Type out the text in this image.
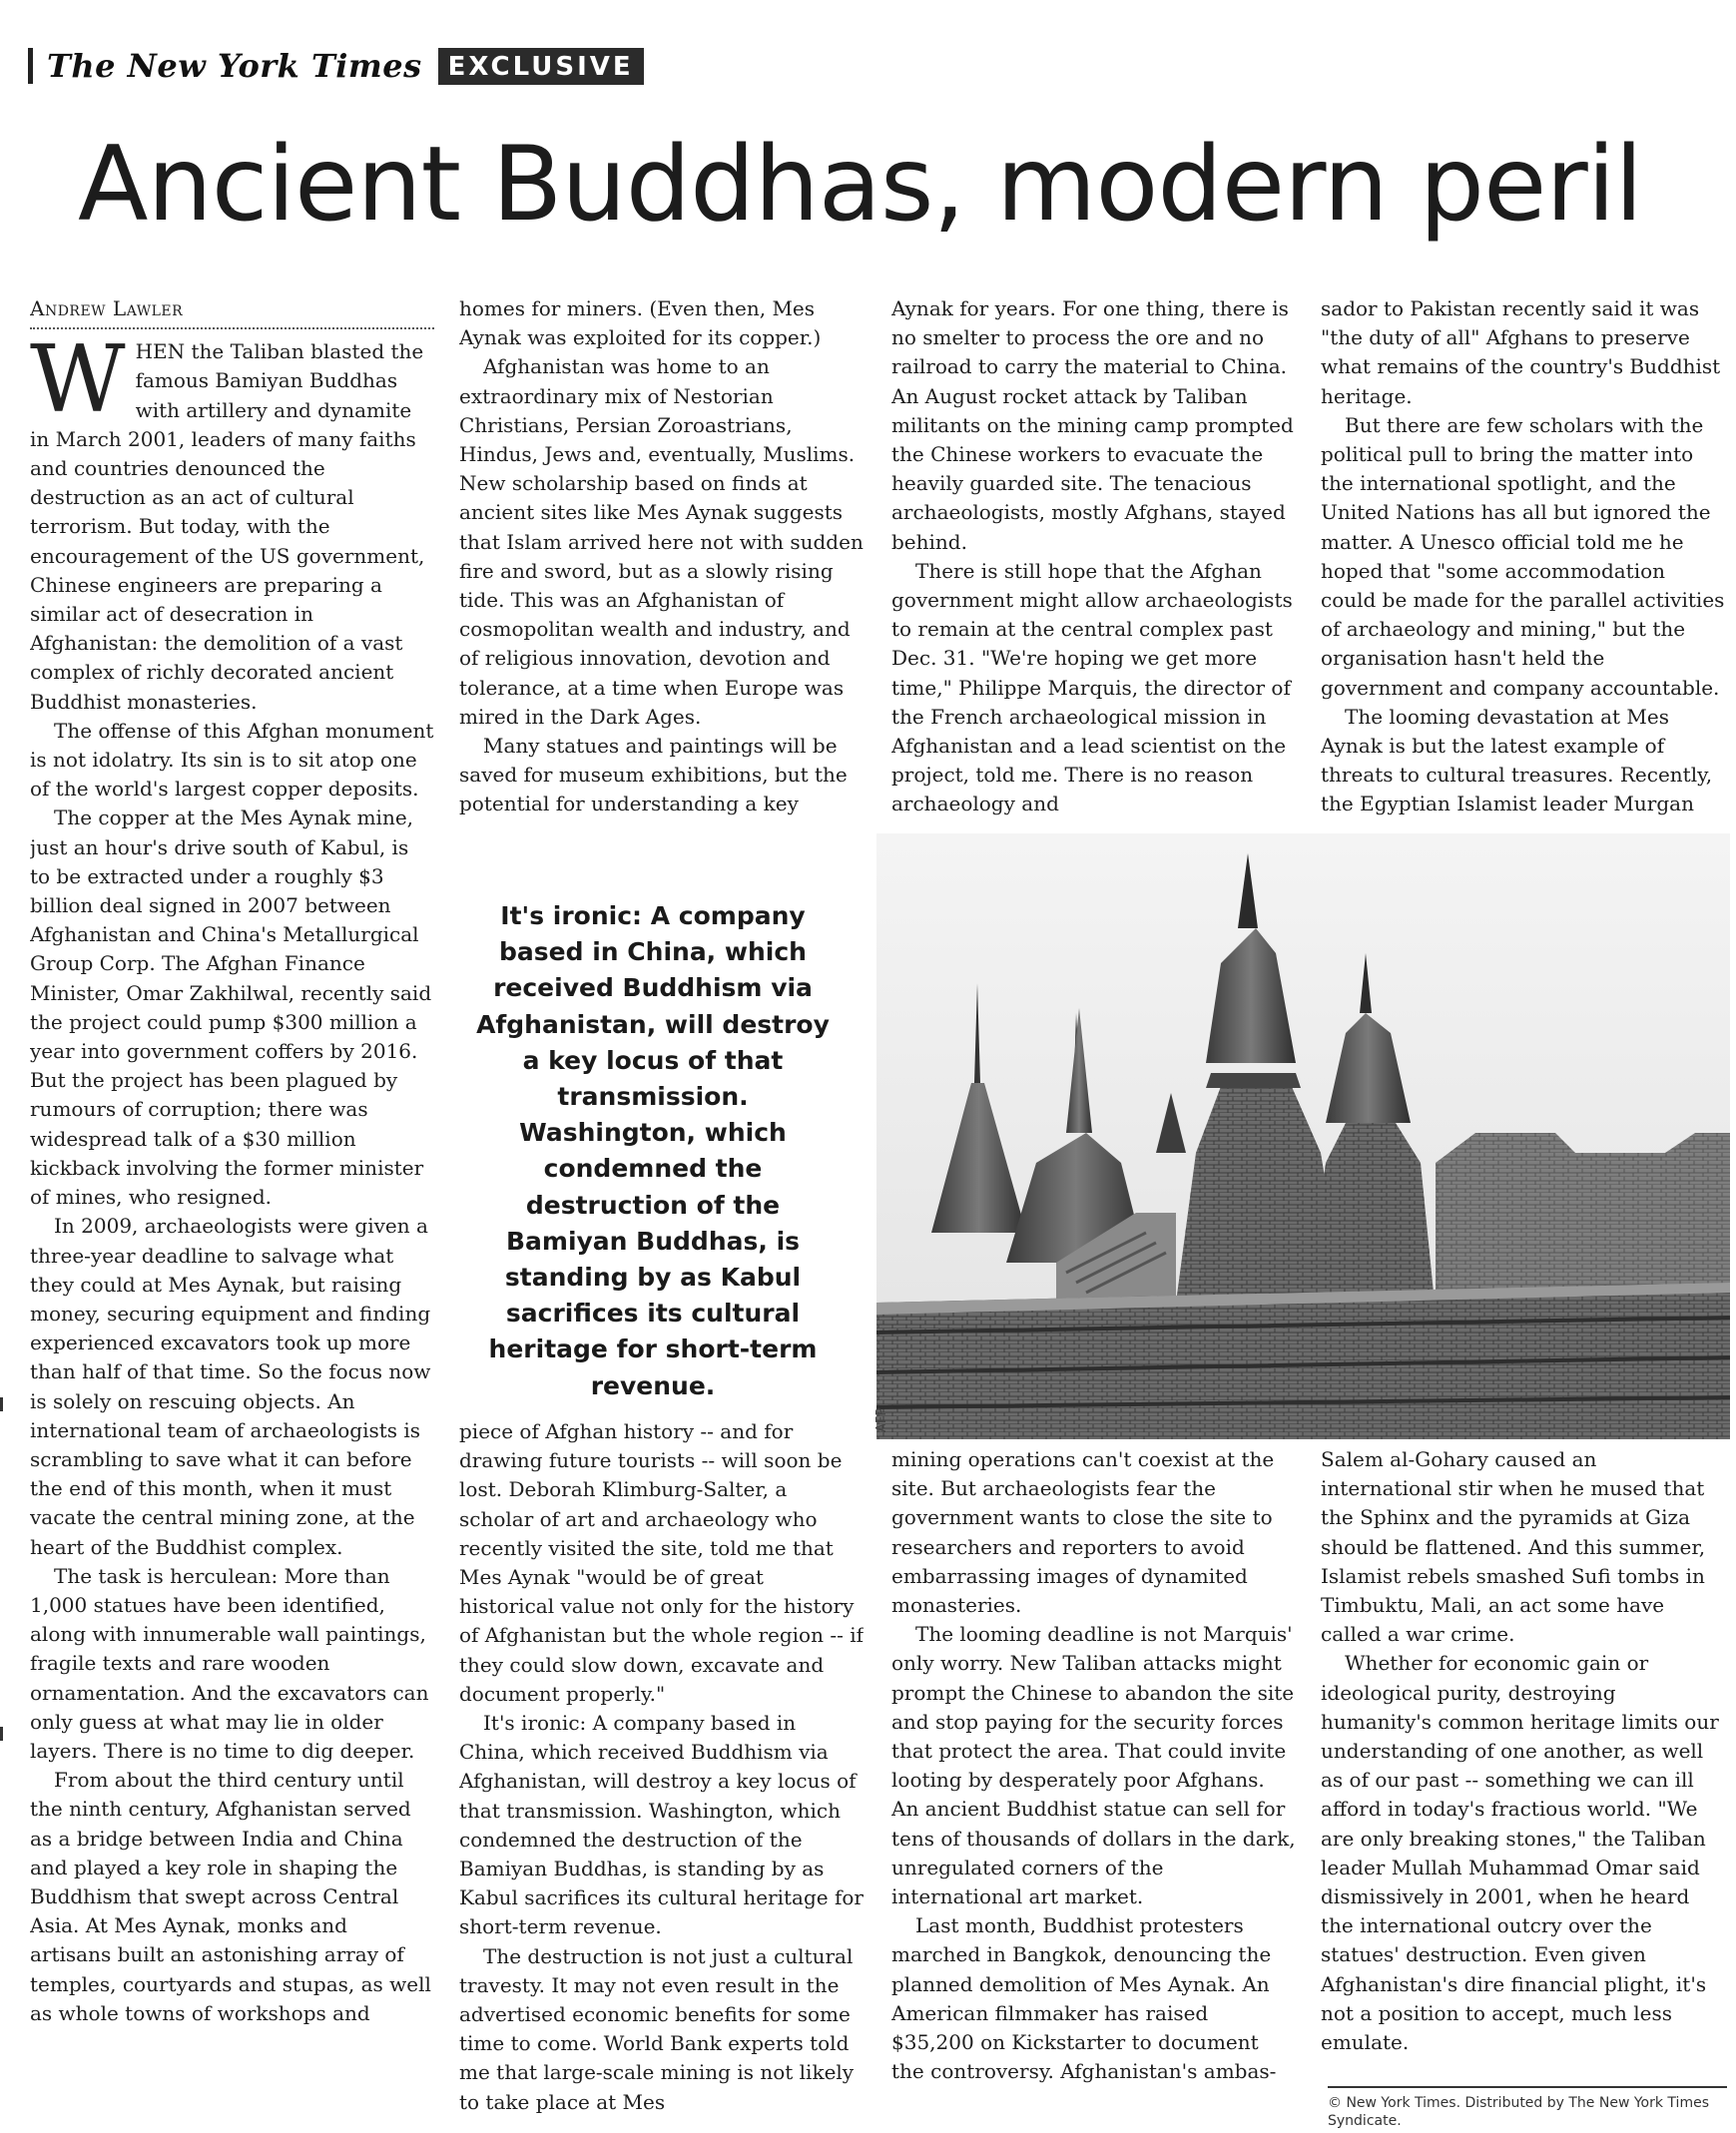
The New York Times	EXCLUSIVE
Ancient Buddhas, modern peril
Andrew Lawler

WHEN the Taliban blasted the famous Bamiyan Buddhas with artillery and dynamite in March 2001, leaders of many faiths and countries denounced the destruction as an act of cultural terrorism. But today, with the encouragement of the US government, Chinese engineers are preparing a similar act of desecration in Afghanistan: the demolition of a vast complex of richly decorated ancient Buddhist monasteries.

The offense of this Afghan monument is not idolatry. Its sin is to sit atop one of the world's largest copper deposits.

The copper at the Mes Aynak mine, just an hour's drive south of Kabul, is to be extracted under a roughly $3 billion deal signed in 2007 between Afghanistan and China's Metallurgical Group Corp. The Afghan Finance Minister, Omar Zakhilwal, recently said the project could pump $300 million a year into government coffers by 2016. But the project has been plagued by rumours of corruption; there was widespread talk of a $30 million kickback involving the former minister of mines, who resigned.

In 2009, archaeologists were given a three-year deadline to salvage what they could at Mes Aynak, but raising money, securing equipment and finding experienced excavators took up more than half of that time. So the focus now is solely on rescuing objects. An international team of archaeologists is scrambling to save what it can before the end of this month, when it must vacate the central mining zone, at the heart of the Buddhist complex.

The task is herculean: More than 1,000 statues have been identified, along with innumerable wall paintings, fragile texts and rare wooden ornamentation. And the excavators can only guess at what may lie in older layers. There is no time to dig deeper.

From about the third century until the ninth century, Afghanistan served as a bridge between India and China and played a key role in shaping the Buddhism that swept across Central Asia. At Mes Aynak, monks and artisans built an astonishing array of temples, courtyards and stupas, as well as whole towns of workshops and

homes for miners. (Even then, Mes Aynak was exploited for its copper.)

Afghanistan was home to an extraordinary mix of Nestorian Christians, Persian Zoroastrians, Hindus, Jews and, eventually, Muslims. New scholarship based on finds at ancient sites like Mes Aynak suggests that Islam arrived here not with sudden fire and sword, but as a slowly rising tide. This was an Afghanistan of cosmopolitan wealth and industry, and of religious innovation, devotion and tolerance, at a time when Europe was mired in the Dark Ages.

Many statues and paintings will be saved for museum exhibitions, but the potential for understanding a key

It's ironic: A company based in China, which received Buddhism via Afghanistan, will destroy a key locus of that transmission. Washington, which condemned the destruction of the Bamiyan Buddhas, is standing by as Kabul sacrifices its cultural heritage for short-term revenue.

piece of Afghan history -- and for drawing future tourists -- will soon be lost. Deborah Klimburg-Salter, a scholar of art and archaeology who recently visited the site, told me that Mes Aynak "would be of great historical value not only for the history of Afghanistan but the whole region -- if they could slow down, excavate and document properly."

It's ironic: A company based in China, which received Buddhism via Afghanistan, will destroy a key locus of that transmission. Washington, which condemned the destruction of the Bamiyan Buddhas, is standing by as Kabul sacrifices its cultural heritage for short-term revenue.

The destruction is not just a cultural travesty. It may not even result in the advertised economic benefits for some time to come. World Bank experts told me that large-scale mining is not likely to take place at Mes

Aynak for years. For one thing, there is no smelter to process the ore and no railroad to carry the material to China. An August rocket attack by Taliban militants on the mining camp prompted the Chinese workers to evacuate the heavily guarded site. The tenacious archaeologists, mostly Afghans, stayed behind.

There is still hope that the Afghan government might allow archaeologists to remain at the central complex past Dec. 31. "We're hoping we get more time," Philippe Marquis, the director of the French archaeological mission in Afghanistan and a lead scientist on the project, told me. There is no reason archaeology and

sador to Pakistan recently said it was "the duty of all" Afghans to preserve what remains of the country's Buddhist heritage.

But there are few scholars with the political pull to bring the matter into the international spotlight, and the United Nations has all but ignored the matter. A Unesco official told me he hoped that "some accommodation could be made for the parallel activities of archaeology and mining," but the organisation hasn't held the government and company accountable.

The looming devastation at Mes Aynak is but the latest example of threats to cultural treasures. Recently, the Egyptian Islamist leader Murgan

AFP

mining operations can't coexist at the site. But archaeologists fear the government wants to close the site to researchers and reporters to avoid embarrassing images of dynamited monasteries.

The looming deadline is not Marquis' only worry. New Taliban attacks might prompt the Chinese to abandon the site and stop paying for the security forces that protect the area. That could invite looting by desperately poor Afghans. An ancient Buddhist statue can sell for tens of thousands of dollars in the dark, unregulated corners of the international art market.

Last month, Buddhist protesters marched in Bangkok, denouncing the planned demolition of Mes Aynak. An American filmmaker has raised $35,200 on Kickstarter to document the controversy. Afghanistan's ambas-

Salem al-Gohary caused an international stir when he mused that the Sphinx and the pyramids at Giza should be flattened. And this summer, Islamist rebels smashed Sufi tombs in Timbuktu, Mali, an act some have called a war crime.

Whether for economic gain or ideological purity, destroying humanity's common heritage limits our understanding of one another, as well as of our past -- something we can ill afford in today's fractious world. "We are only breaking stones," the Taliban leader Mullah Muhammad Omar said dismissively in 2001, when he heard the international outcry over the statues' destruction. Even given Afghanistan's dire financial plight, it's not a position to accept, much less emulate.

© New York Times. Distributed by The New York Times Syndicate.
